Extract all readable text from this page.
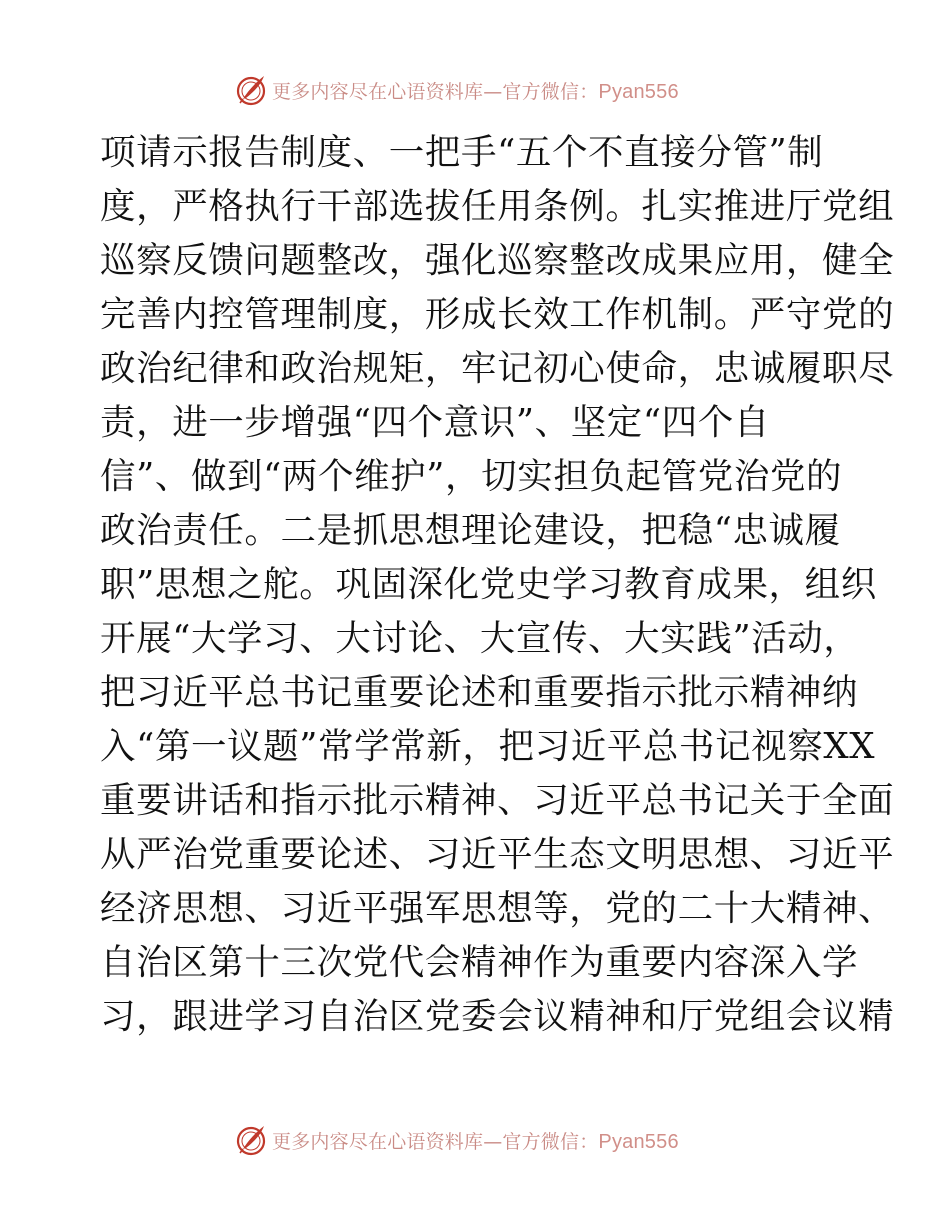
更多内容尽在心语资料库—官方微信：Pyan556
项请示报告制度、一把手“五个不直接分管”制
度，严格执行干部选拔任用条例。扎实推进厅党组
巡察反馈问题整改，强化巡察整改成果应用，健全
完善内控管理制度，形成长效工作机制。严守党的
政治纪律和政治规矩，牢记初心使命，忠诚履职尽
责，进一步增强“四个意识”、坚定“四个自
信”、做到“两个维护”，切实担负起管党治党的
政治责任。二是抓思想理论建设，把稳“忠诚履
职”思想之舵。巩固深化党史学习教育成果，组织
开展“大学习、大讨论、大宣传、大实践”活动，
把习近平总书记重要论述和重要指示批示精神纳
入“第一议题”常学常新，把习近平总书记视察XX
重要讲话和指示批示精神、习近平总书记关于全面
从严治党重要论述、习近平生态文明思想、习近平
经济思想、习近平强军思想等，党的二十大精神、
自治区第十三次党代会精神作为重要内容深入学
习，跟进学习自治区党委会议精神和厅党组会议精
更多内容尽在心语资料库—官方微信：Pyan556
